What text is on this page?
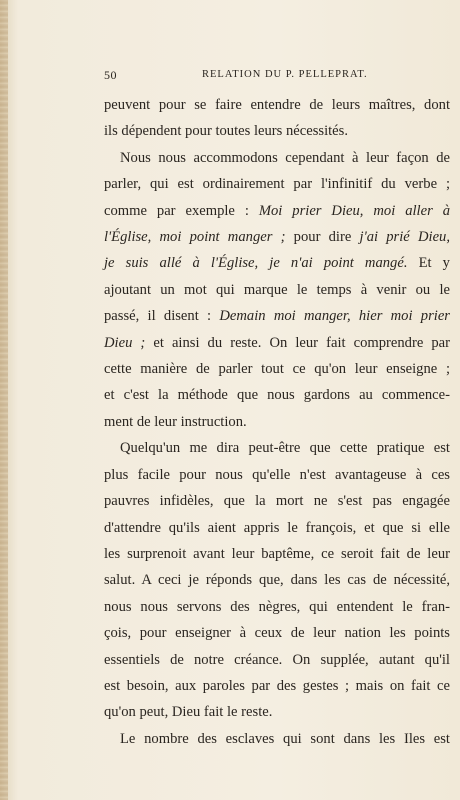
50	RELATION DU P. PELLEPRAT.
peuvent pour se faire entendre de leurs maîtres, dont
ils dépendent pour toutes leurs nécessités.
Nous nous accommodons cependant à leur façon de
parler, qui est ordinairement par l'infinitif du verbe ;
comme par exemple : Moi prier Dieu, moi aller à
l'Église, moi point manger ; pour dire j'ai prié Dieu,
je suis allé à l'Église, je n'ai point mangé. Et y
ajoutant un mot qui marque le temps à venir ou le
passé, il disent : Demain moi manger, hier moi prier
Dieu ; et ainsi du reste. On leur fait comprendre par
cette manière de parler tout ce qu'on leur enseigne ;
et c'est la méthode que nous gardons au commence-
ment de leur instruction.
Quelqu'un me dira peut-être que cette pratique est
plus facile pour nous qu'elle n'est avantageuse à ces
pauvres infidèles, que la mort ne s'est pas engagée
d'attendre qu'ils aient appris le françois, et que si elle
les surprenoit avant leur baptême, ce seroit fait de leur
salut. A ceci je réponds que, dans les cas de nécessité,
nous nous servons des nègres, qui entendent le fran-
çois, pour enseigner à ceux de leur nation les points
essentiels de notre créance. On supplée, autant qu'il
est besoin, aux paroles par des gestes ; mais on fait ce
qu'on peut, Dieu fait le reste.
Le nombre des esclaves qui sont dans les Iles est
